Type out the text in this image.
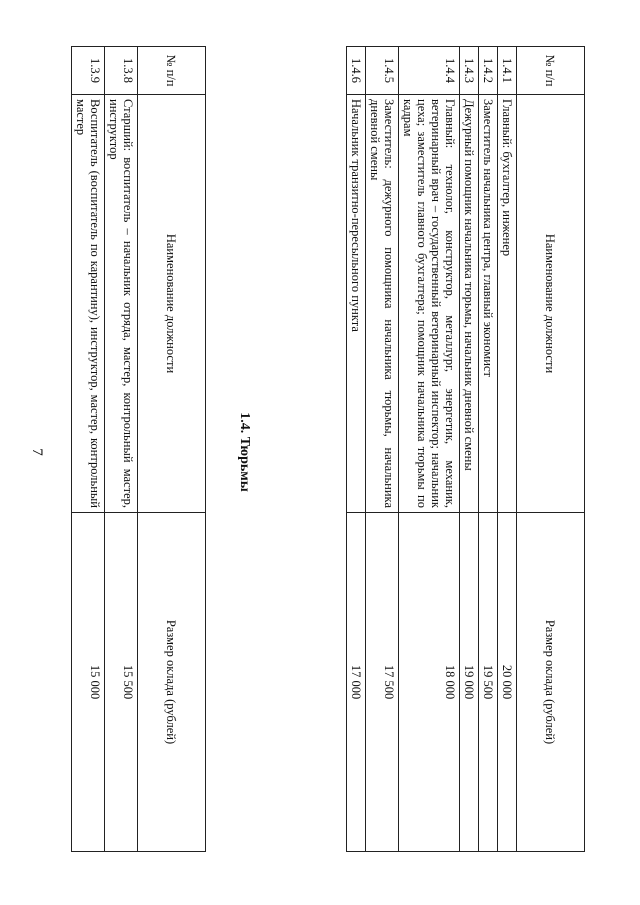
7
№ п/п	Наименование должности	Размер оклада (рублей)
1.3.8	Старший: воспитатель – начальник отряда, мастер, контрольный мастер, инструктор	15 500
1.3.9	Воспитатель (воспитатель по карантину), инструктор, мастер, контрольный мастер	15 000
1.4. Тюрьмы
№ п/п	Наименование должности	Размер оклада (рублей)
1.4.1	Главный: бухгалтер, инженер	20 000
1.4.2	Заместитель начальника центра, главный экономист	19 500
1.4.3	Дежурный помощник начальника тюрьмы, начальник дневной смены	19 000
1.4.4	Главный: технолог, конструктор, металлург, энергетик, механик, ветеринарный врач – государственный ветеринарный инспектор; начальник цеха; заместитель главного бухгалтера; помощник начальника тюрьмы по кадрам	18 000
1.4.5	Заместитель: дежурного помощника начальника тюрьмы, начальника дневной смены	17 500
1.4.6	Начальник транзитно-пересыльного пункта	17 000
